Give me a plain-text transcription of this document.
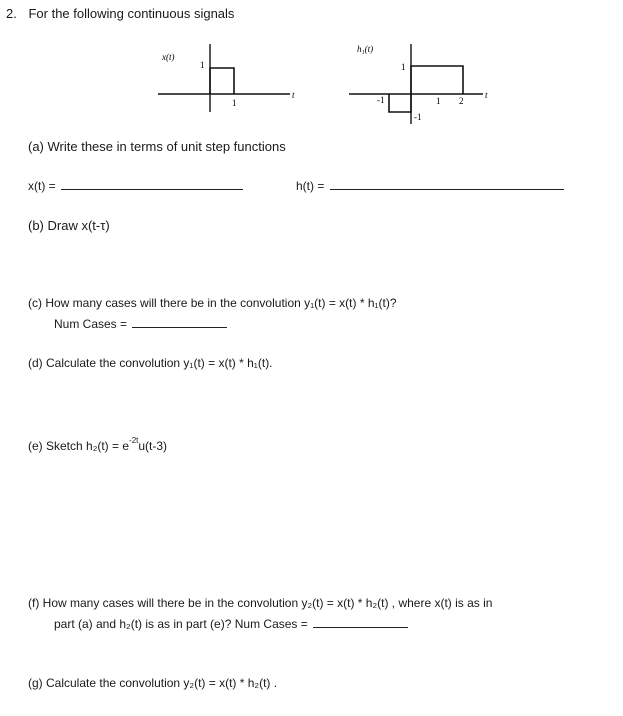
2. For the following continuous signals
x(t)
1
1
t
h₁(t)
1
-1
-1
1 2
t
(a) Write these in terms of unit step functions
x(t) =	h(t) =
(b) Draw x(t-τ)
(c) How many cases will there be in the convolution y₁(t) = x(t) * h₁(t)?
Num Cases =
(d) Calculate the convolution y₁(t) = x(t) * h₁(t).
(e) Sketch $h_2(t) = e^{-2t}u(t-3)$
(f) How many cases will there be in the convolution y₂(t) = x(t) * h₂(t) , where x(t) is as in
part (a) and h₂(t) is as in part (e)? Num Cases =
(g) Calculate the convolution y₂(t) = x(t) * h₂(t) .
